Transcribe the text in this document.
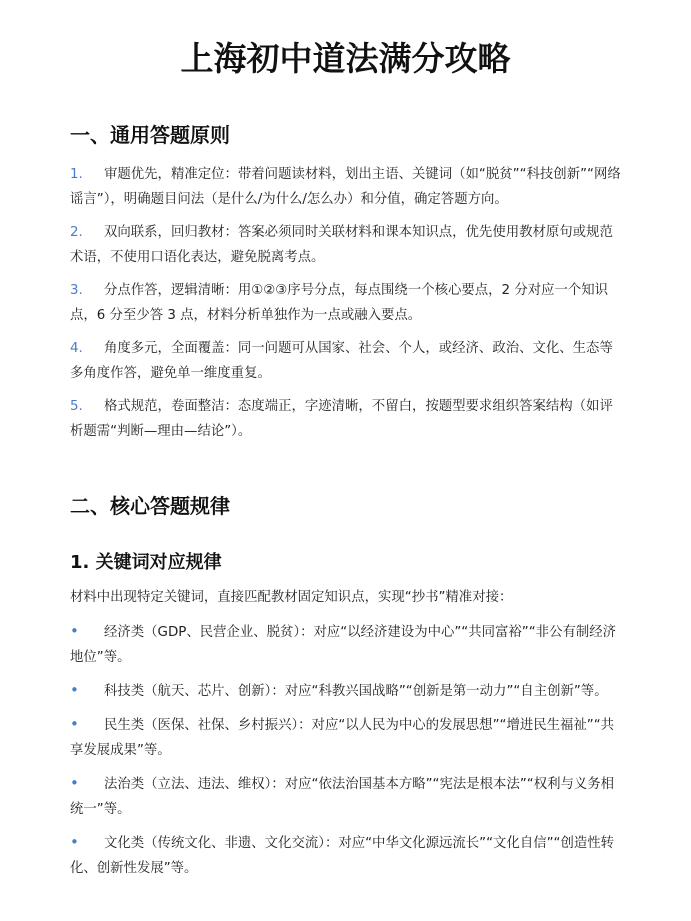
上海初中道法满分攻略
一、通用答题原则
1. 审题优先，精准定位：带着问题读材料，划出主语、关键词（如“脱贫”“科技创新”“网络谣言”），明确题目问法（是什么/为什么/怎么办）和分值，确定答题方向。
2. 双向联系，回归教材：答案必须同时关联材料和课本知识点，优先使用教材原句或规范术语，不使用口语化表达，避免脱离考点。
3. 分点作答，逻辑清晰：用①②③序号分点，每点围绕一个核心要点，2 分对应一个知识点，6 分至少答 3 点，材料分析单独作为一点或融入要点。
4. 角度多元，全面覆盖：同一问题可从国家、社会、个人，或经济、政治、文化、生态等多角度作答，避免单一维度重复。
5. 格式规范，卷面整洁：态度端正，字迹清晰，不留白，按题型要求组织答案结构（如评析题需“判断—理由—结论”）。
二、核心答题规律
1. 关键词对应规律

材料中出现特定关键词，直接匹配教材固定知识点，实现“抄书”精准对接：

• 经济类（GDP、民营企业、脱贫）：对应“以经济建设为中心”“共同富裕”“非公有制经济地位”等。
• 科技类（航天、芯片、创新）：对应“科教兴国战略”“创新是第一动力”“自主创新”等。
• 民生类（医保、社保、乡村振兴）：对应“以人民为中心的发展思想”“增进民生福祉”“共享发展成果”等。
• 法治类（立法、违法、维权）：对应“依法治国基本方略”“宪法是根本法”“权利与义务相统一”等。
• 文化类（传统文化、非遗、文化交流）：对应“中华文化源远流长”“文化自信”“创造性转化、创新性发展”等。
